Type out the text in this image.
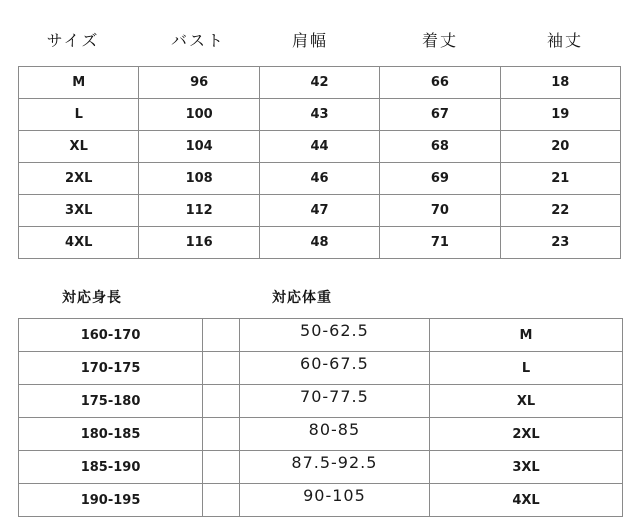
サイズ	バスト	肩幅	着丈	袖丈
M	96	42	66	18
L	100	43	67	19
XL	104	44	68	20
2XL	108	46	69	21
3XL	112	47	70	22
4XL	116	48	71	23
対応身長	対応体重
160-170		50-62.5	M
170-175		60-67.5	L
175-180		70-77.5	XL
180-185		80-85	2XL
185-190		87.5-92.5	3XL
190-195		90-105	4XL
